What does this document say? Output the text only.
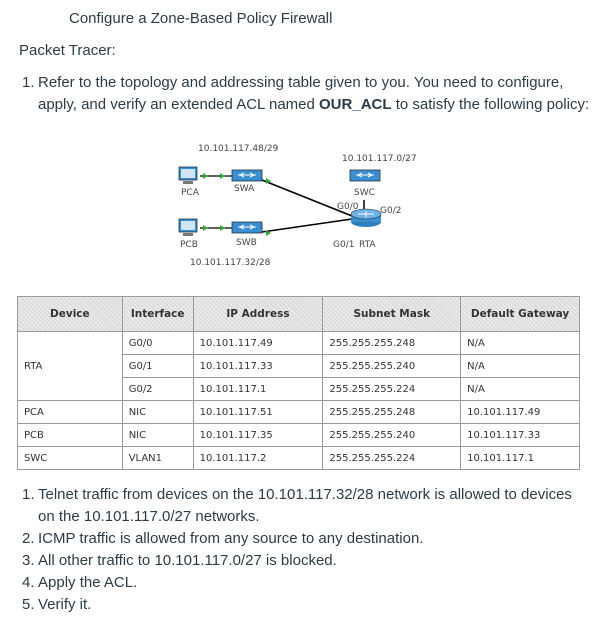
Configure a Zone-Based Policy Firewall
Packet Tracer:
1. Refer to the topology and addressing table given to you. You need to configure, apply, and verify an extended ACL named OUR_ACL to satisfy the following policy:
10.101.117.48/29
10.101.117.0/27
PCA	SWA	SWC
G0/0 G0/2
PCB	SWB	G0/1 RTA
10.101.117.32/28
Device	Interface	IP Address	Subnet Mask	Default Gateway
RTA	G0/0	10.101.117.49	255.255.255.248	N/A
	G0/1	10.101.117.33	255.255.255.240	N/A
	G0/2	10.101.117.1	255.255.255.224	N/A
PCA	NIC	10.101.117.51	255.255.255.248	10.101.117.49
PCB	NIC	10.101.117.35	255.255.255.240	10.101.117.33
SWC	VLAN1	10.101.117.2	255.255.255.224	10.101.117.1
1. Telnet traffic from devices on the 10.101.117.32/28 network is allowed to devices on the 10.101.117.0/27 networks.
2. ICMP traffic is allowed from any source to any destination.
3. All other traffic to 10.101.117.0/27 is blocked.
4. Apply the ACL.
5. Verify it.
